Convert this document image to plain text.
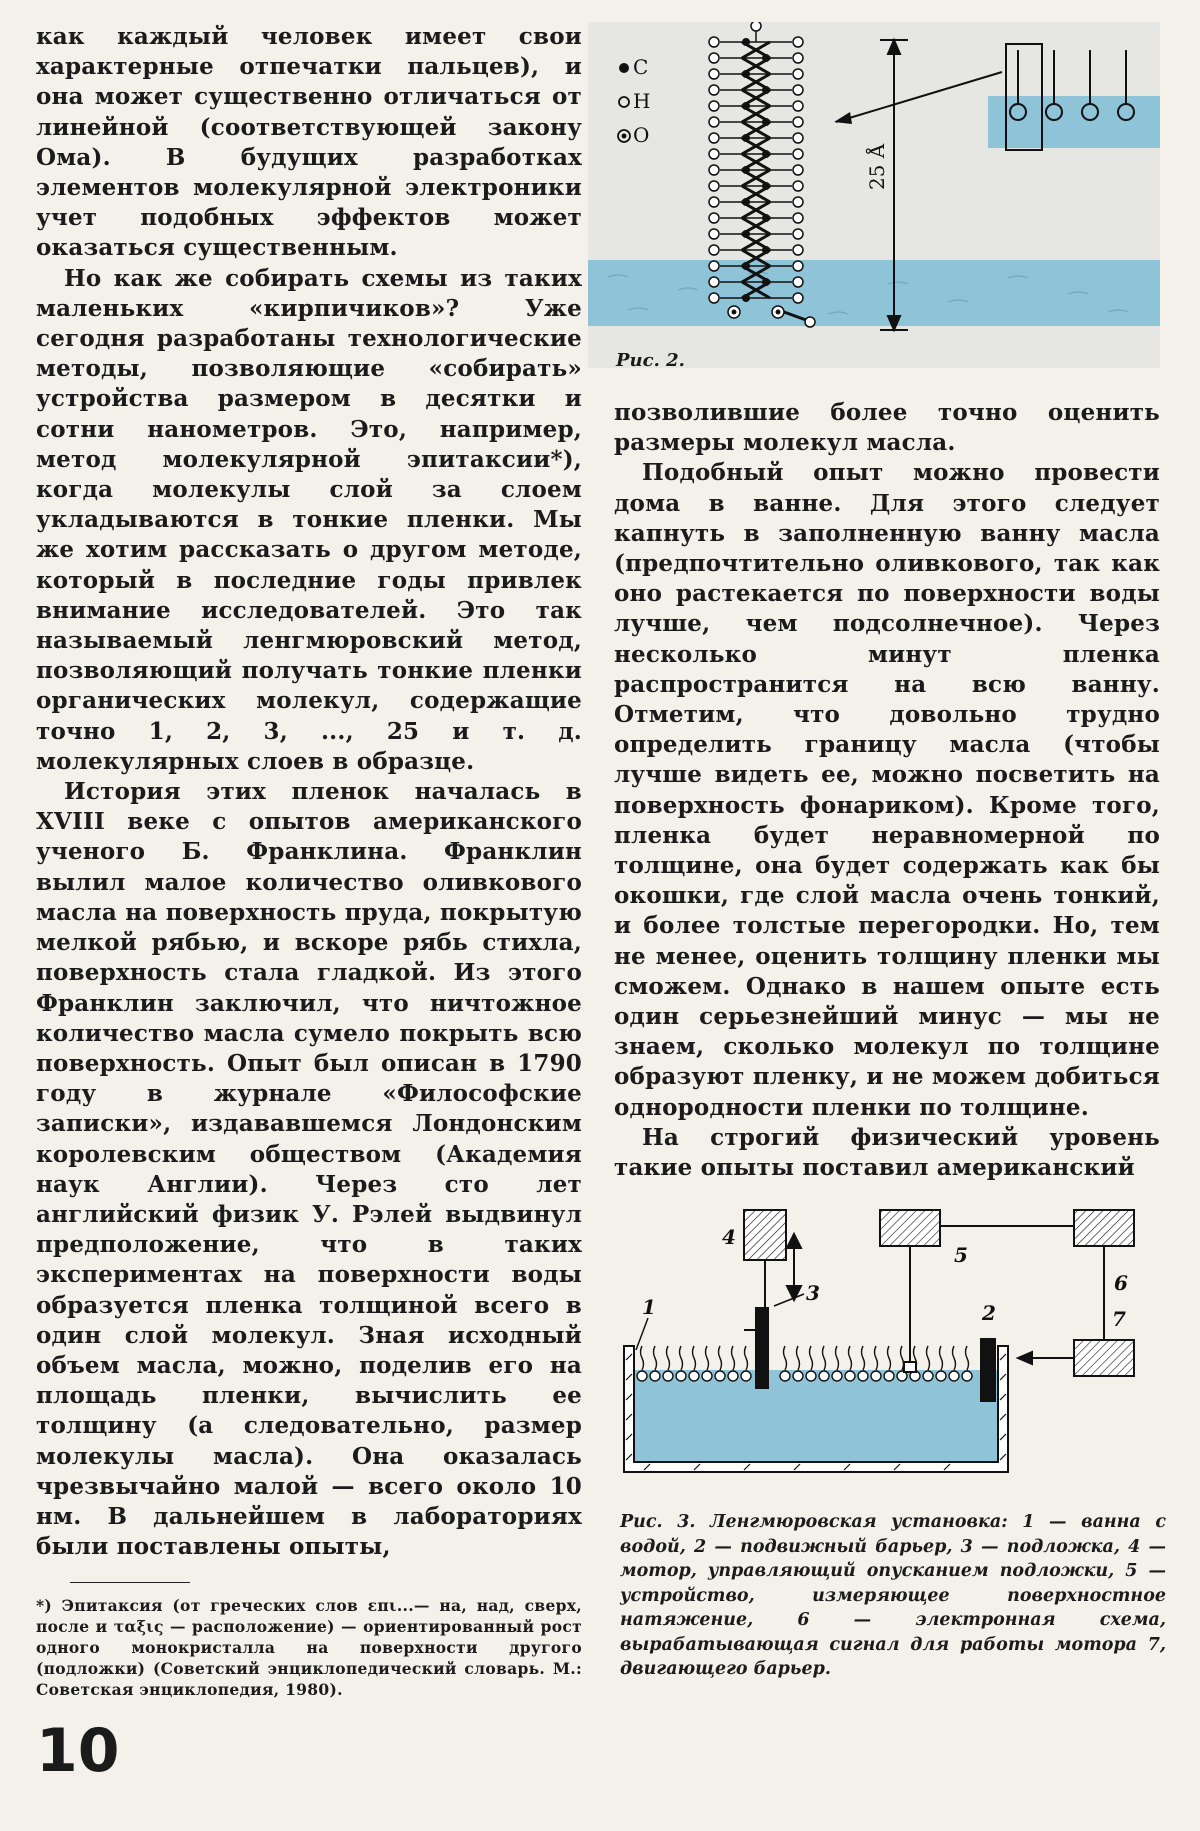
как каждый человек имеет свои характерные отпечатки пальцев), и она может существенно отличаться от линейной (соответствующей закону Ома). В будущих разработках элементов молекулярной электроники учет подобных эффектов может оказаться существенным.

Но как же собирать схемы из таких маленьких «кирпичиков»? Уже сегодня разработаны технологические методы, позволяющие «собирать» устройства размером в десятки и сотни нанометров. Это, например, метод молекулярной эпитаксии*), когда молекулы слой за слоем укладываются в тонкие пленки. Мы же хотим рассказать о другом методе, который в последние годы привлек внимание исследователей. Это так называемый ленгмюровский метод, позволяющий получать тонкие пленки органических молекул, содержащие точно 1, 2, 3, ..., 25 и т. д. молекулярных слоев в образце.

История этих пленок началась в XVIII веке с опытов американского ученого Б. Франклина. Франклин вылил малое количество оливкового масла на поверхность пруда, покрытую мелкой рябью, и вскоре рябь стихла, поверхность стала гладкой. Из этого Франклин заключил, что ничтожное количество масла сумело покрыть всю поверхность. Опыт был описан в 1790 году в журнале «Философские записки», издававшемся Лондонским королевским обществом (Академия наук Англии). Через сто лет английский физик У. Рэлей выдвинул предположение, что в таких экспериментах на поверхности воды образуется пленка толщиной всего в один слой молекул. Зная исходный объем масла, можно, поделив его на площадь пленки, вычислить ее толщину (а следовательно, размер молекулы масла). Она оказалась чрезвычайно малой — всего около 10 нм. В дальнейшем в лабораториях были поставлены опыты,

*) Эпитаксия (от греческих слов επι...— на, над, сверх, после и ταξις — расположение) — ориентированный рост одного монокристалла на поверхности другого (подложки) (Советский энциклопедический словарь. М.: Советская энциклопедия, 1980).

C
H
O
25 Å
Рис. 2.

позволившие более точно оценить размеры молекул масла.

Подобный опыт можно провести дома в ванне. Для этого следует капнуть в заполненную ванну масла (предпочтительно оливкового, так как оно растекается по поверхности воды лучше, чем подсолнечное). Через несколько минут пленка распространится на всю ванну. Отметим, что довольно трудно определить границу масла (чтобы лучше видеть ее, можно посветить на поверхность фонариком). Кроме того, пленка будет неравномерной по толщине, она будет содержать как бы окошки, где слой масла очень тонкий, и более толстые перегородки. Но, тем не менее, оценить толщину пленки мы сможем. Однако в нашем опыте есть один серьезнейший минус — мы не знаем, сколько молекул по толщине образуют пленку, и не можем добиться однородности пленки по толщине.

На строгий физический уровень такие опыты поставил американский

1	2
3
4
5
6
7
Рис. 3. Ленгмюровская установка: 1 — ванна с водой, 2 — подвижный барьер, 3 — подложка, 4 — мотор, управляющий опусканием подложки, 5 — устройство, измеряющее поверхностное натяжение, 6 — электронная схема, вырабатывающая сигнал для работы мотора 7, двигающего барьер.
10
